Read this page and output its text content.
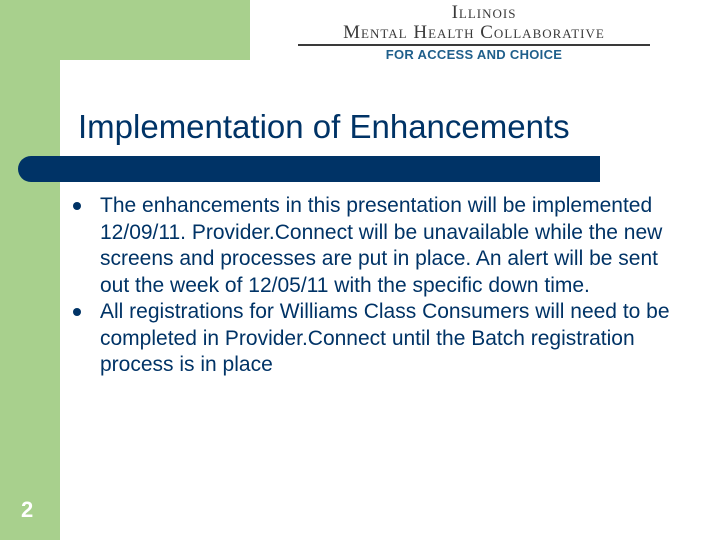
Illinois
Mental Health Collaborative
FOR ACCESS AND CHOICE
Implementation of Enhancements
The enhancements in this presentation will be implemented 12/09/11. Provider.Connect will be unavailable while the new screens and processes are put in place. An alert will be sent out the week of 12/05/11 with the specific down time.
All registrations for Williams Class Consumers will need to be completed in Provider.Connect until the Batch registration process is in place
2
